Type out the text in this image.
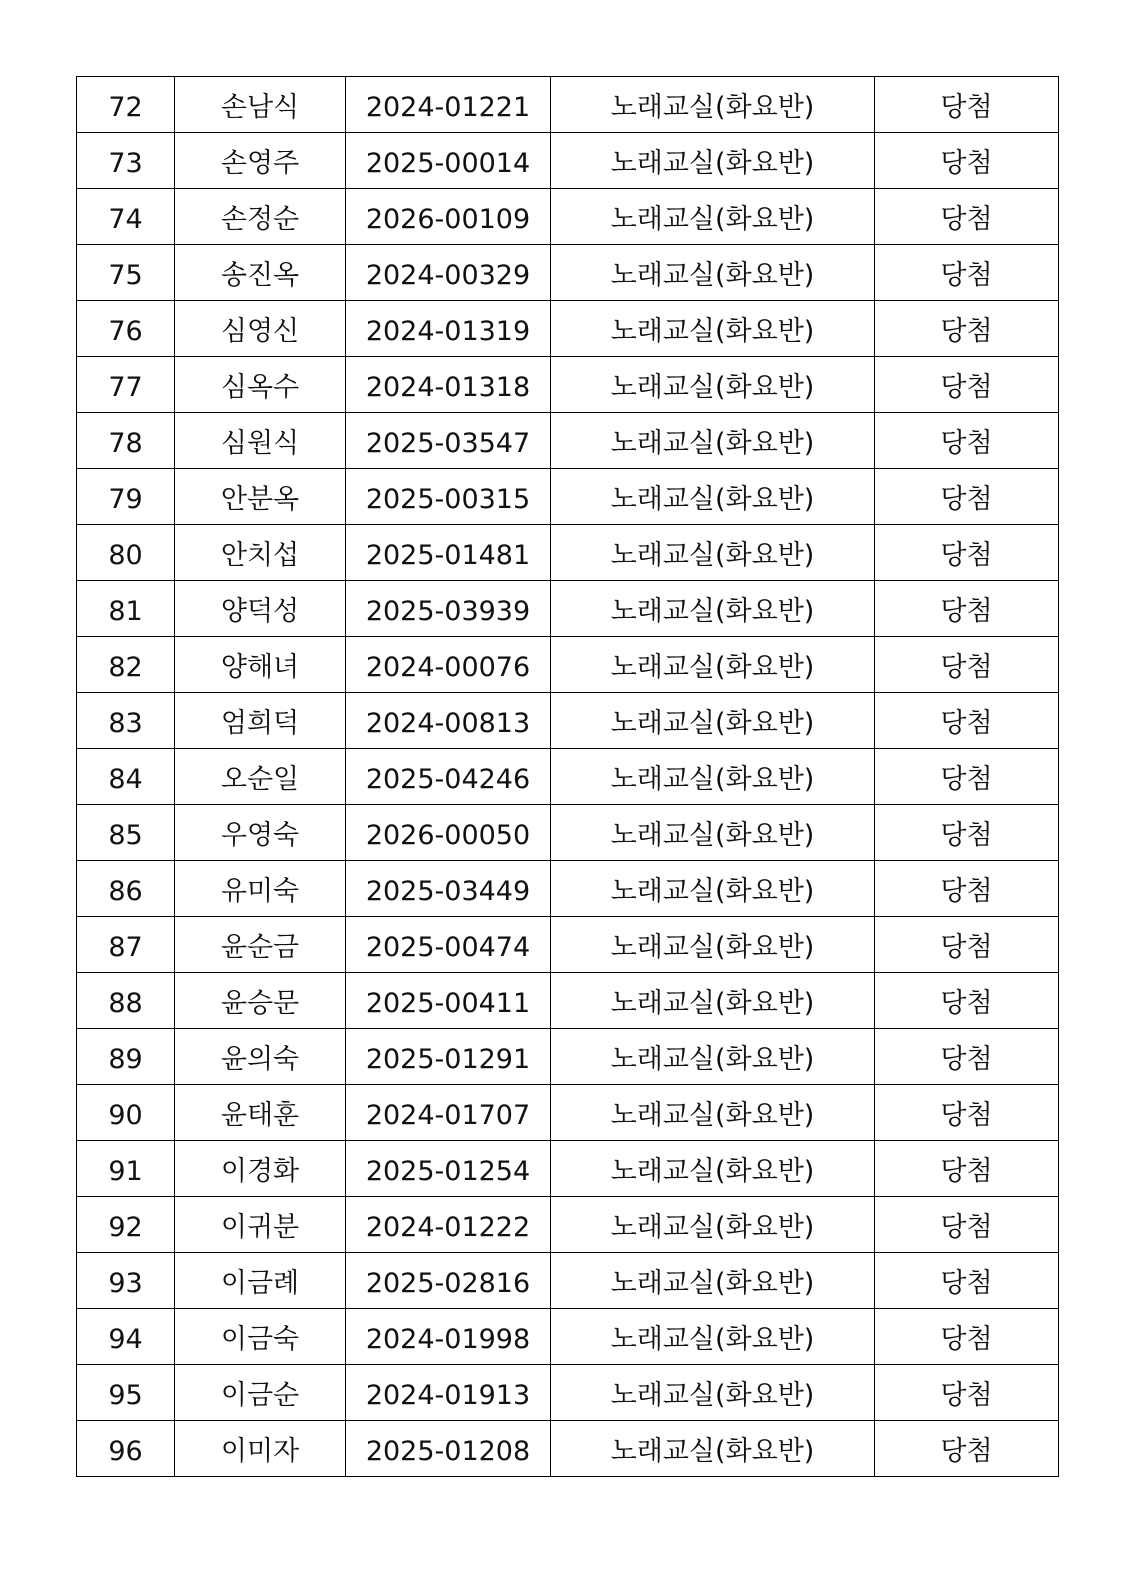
72	손남식	2024-01221	노래교실(화요반)	당첨
73	손영주	2025-00014	노래교실(화요반)	당첨
74	손정순	2026-00109	노래교실(화요반)	당첨
75	송진옥	2024-00329	노래교실(화요반)	당첨
76	심영신	2024-01319	노래교실(화요반)	당첨
77	심옥수	2024-01318	노래교실(화요반)	당첨
78	심원식	2025-03547	노래교실(화요반)	당첨
79	안분옥	2025-00315	노래교실(화요반)	당첨
80	안치섭	2025-01481	노래교실(화요반)	당첨
81	양덕성	2025-03939	노래교실(화요반)	당첨
82	양해녀	2024-00076	노래교실(화요반)	당첨
83	엄희덕	2024-00813	노래교실(화요반)	당첨
84	오순일	2025-04246	노래교실(화요반)	당첨
85	우영숙	2026-00050	노래교실(화요반)	당첨
86	유미숙	2025-03449	노래교실(화요반)	당첨
87	윤순금	2025-00474	노래교실(화요반)	당첨
88	윤승문	2025-00411	노래교실(화요반)	당첨
89	윤의숙	2025-01291	노래교실(화요반)	당첨
90	윤태훈	2024-01707	노래교실(화요반)	당첨
91	이경화	2025-01254	노래교실(화요반)	당첨
92	이귀분	2024-01222	노래교실(화요반)	당첨
93	이금례	2025-02816	노래교실(화요반)	당첨
94	이금숙	2024-01998	노래교실(화요반)	당첨
95	이금순	2024-01913	노래교실(화요반)	당첨
96	이미자	2025-01208	노래교실(화요반)	당첨
